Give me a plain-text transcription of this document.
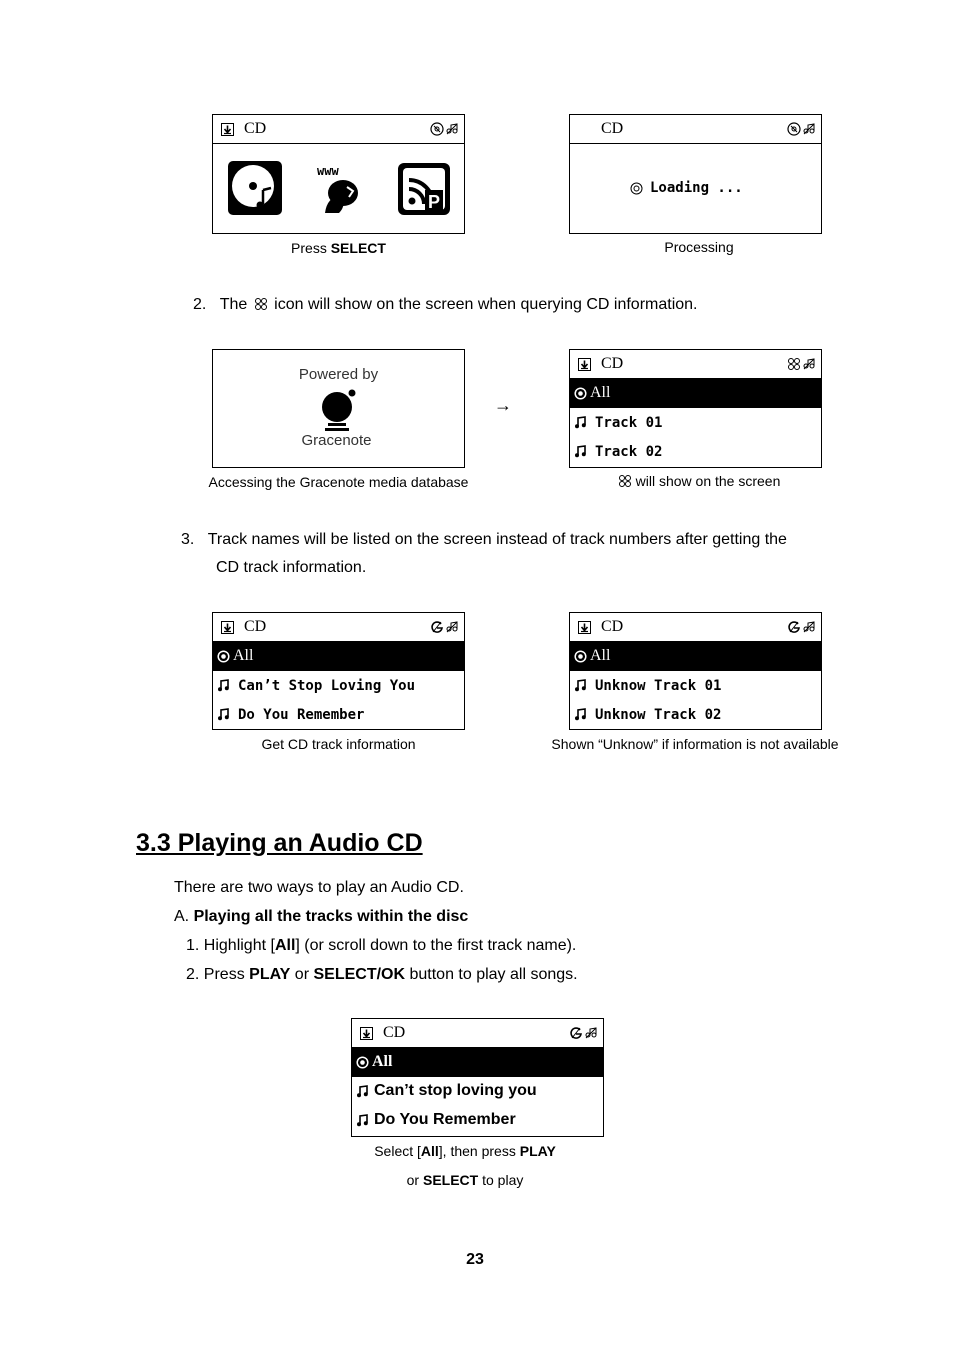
CD
www
P
Press SELECT
CD
Loading ...
Processing
2. The icon will show on the screen when querying CD information.
Powered by
Gracenote
Accessing the Gracenote media database
→
CD
All
Track 01
Track 02
will show on the screen
3. Track names will be listed on the screen instead of track numbers after getting the
CD track information.
CD
All
Can’t Stop Loving You
Do You Remember
Get CD track information
CD
All
Unknow Track 01
Unknow Track 02
Shown “Unknow” if information is not available
3.3 Playing an Audio CD
There are two ways to play an Audio CD.
A. Playing all the tracks within the disc
1. Highlight [All] (or scroll down to the first track name).
2. Press PLAY or SELECT/OK button to play all songs.
CD
All
Can’t stop loving you
Do You Remember
Select [All], then press PLAY
or SELECT to play
23
